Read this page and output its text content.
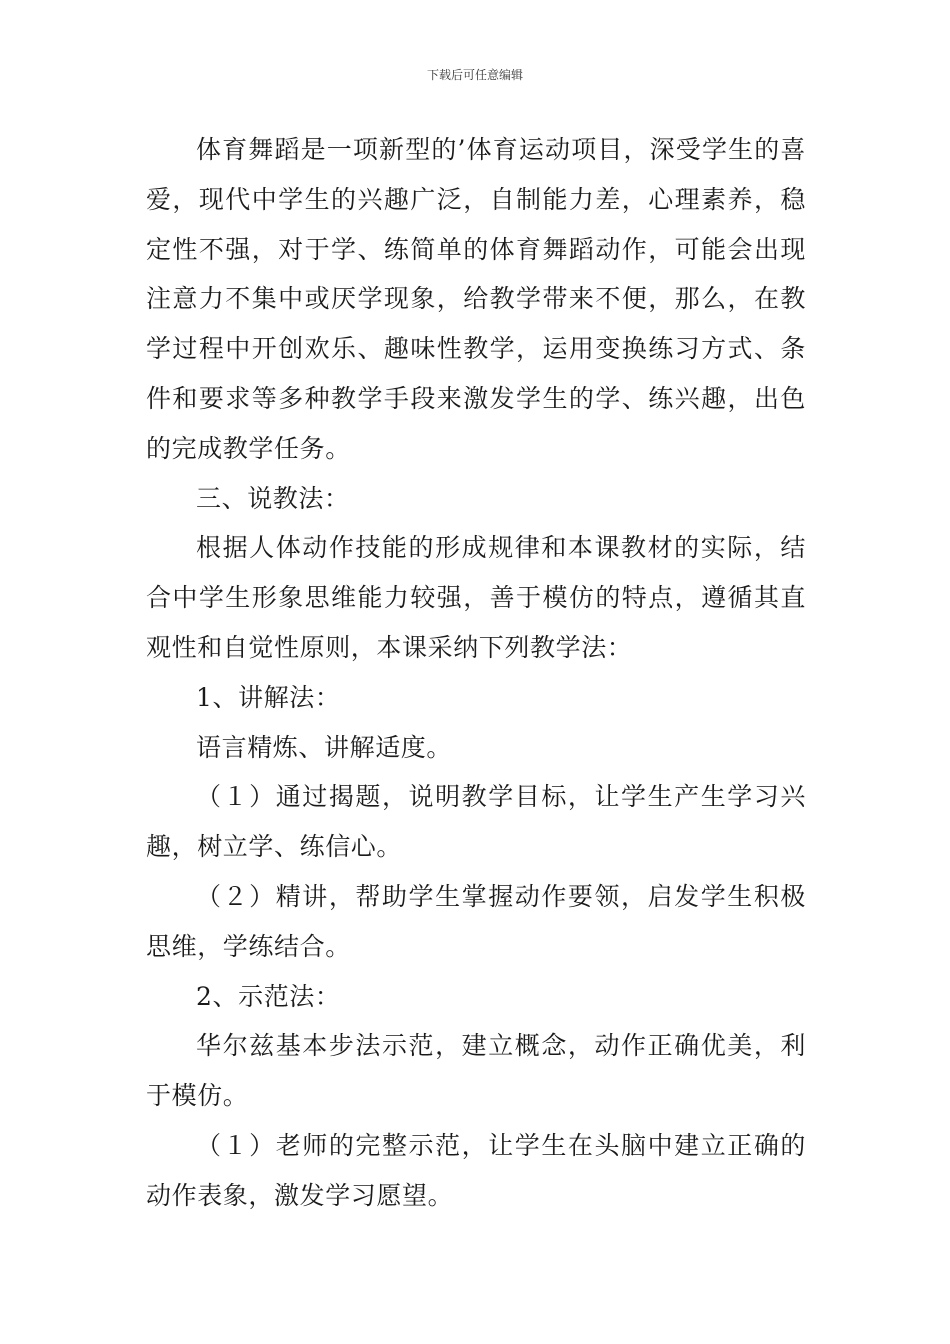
下载后可任意编辑

体育舞蹈是一项新型的’体育运动项目，深受学生的喜爱，现代中学生的兴趣广泛，自制能力差，心理素养，稳定性不强，对于学、练简单的体育舞蹈动作，可能会出现注意力不集中或厌学现象，给教学带来不便，那么，在教学过程中开创欢乐、趣味性教学，运用变换练习方式、条件和要求等多种教学手段来激发学生的学、练兴趣，出色的完成教学任务。

三、说教法：

根据人体动作技能的形成规律和本课教材的实际，结合中学生形象思维能力较强，善于模仿的特点，遵循其直观性和自觉性原则，本课采纳下列教学法：

1、讲解法：

语言精炼、讲解适度。

（１）通过揭题，说明教学目标，让学生产生学习兴趣，树立学、练信心。

（２）精讲，帮助学生掌握动作要领，启发学生积极思维，学练结合。

2、示范法：

华尔兹基本步法示范，建立概念，动作正确优美，利于模仿。

（１）老师的完整示范，让学生在头脑中建立正确的动作表象，激发学习愿望。
